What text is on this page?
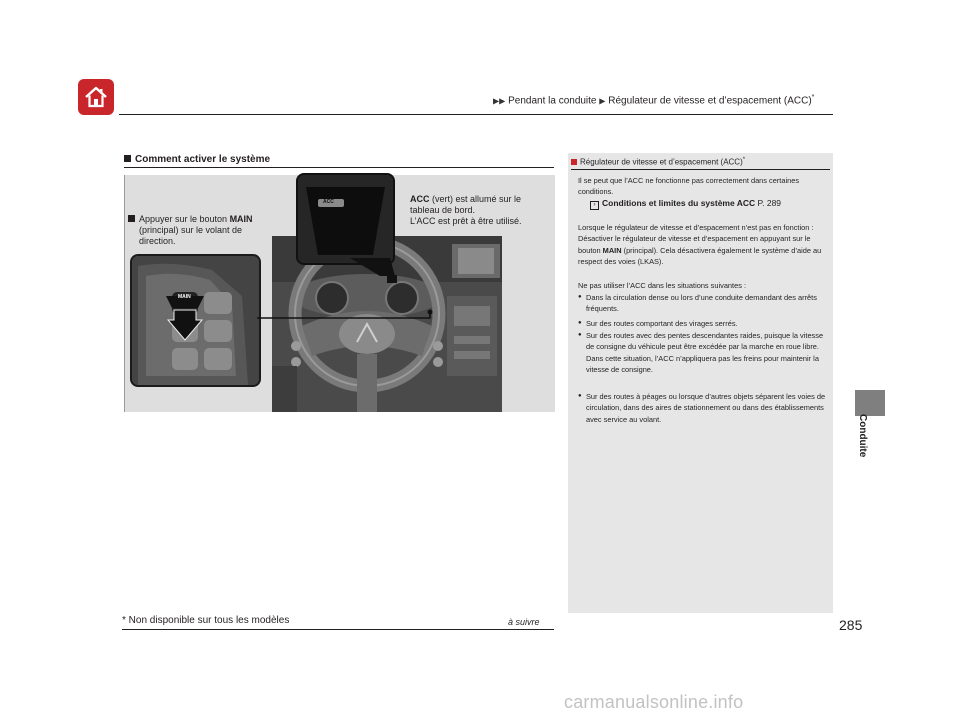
▶▶ Pendant la conduite ▶ Régulateur de vitesse et d’espacement (ACC)*
Conduite
Comment activer le système
MAIN
ACC
Appuyer sur le bouton MAIN
(principal) sur le volant de direction.
ACC (vert) est allumé sur le tableau de bord.
L’ACC est prêt à être utilisé.
Régulateur de vitesse et d’espacement (ACC)*
Il se peut que l’ACC ne fonctionne pas correctement dans certaines conditions.
› Conditions et limites du système ACC P. 289
Lorsque le régulateur de vitesse et d’espacement n’est pas en fonction : Désactiver le régulateur de vitesse et d’espacement en appuyant sur le bouton MAIN (principal). Cela désactivera également le système d’aide au respect des voies (LKAS).
Ne pas utiliser l’ACC dans les situations suivantes :
● Dans la circulation dense ou lors d’une conduite demandant des arrêts fréquents.
● Sur des routes comportant des virages serrés.
● Sur des routes avec des pentes descendantes raides, puisque la vitesse de consigne du véhicule peut être excédée par la marche en roue libre. Dans cette situation, l’ACC n’appliquera pas les freins pour maintenir la vitesse de consigne.
● Sur des routes à péages ou lorsque d’autres objets séparent les voies de circulation, dans des aires de stationnement ou dans des établissements avec service au volant.
* Non disponible sur tous les modèles	à suivre	285
carmanualsonline.info
